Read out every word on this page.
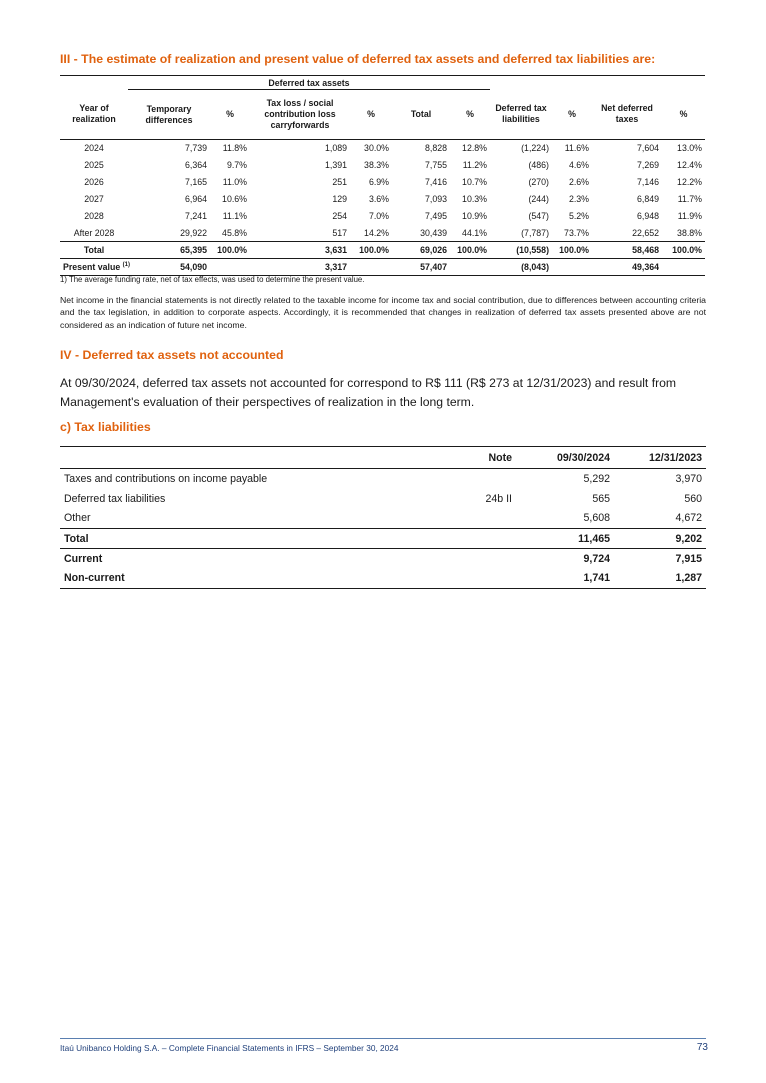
III - The estimate of realization and present value of deferred tax assets and deferred tax liabilities are:
	Deferred tax assets									
Year of realization	Temporary differences	%	Tax loss / social contribution loss carryforwards	%	Total	%	Deferred tax liabilities	%	Net deferred taxes	%
2024	7,739	11.8%	1,089	30.0%	8,828	12.8%	(1,224)	11.6%	7,604	13.0%
2025	6,364	9.7%	1,391	38.3%	7,755	11.2%	(486)	4.6%	7,269	12.4%
2026	7,165	11.0%	251	6.9%	7,416	10.7%	(270)	2.6%	7,146	12.2%
2027	6,964	10.6%	129	3.6%	7,093	10.3%	(244)	2.3%	6,849	11.7%
2028	7,241	11.1%	254	7.0%	7,495	10.9%	(547)	5.2%	6,948	11.9%
After 2028	29,922	45.8%	517	14.2%	30,439	44.1%	(7,787)	73.7%	22,652	38.8%
Total	65,395	100.0%	3,631	100.0%	69,026	100.0%	(10,558)	100.0%	58,468	100.0%
Present value $^{(1)}$	54,090		3,317		57,407		(8,043)		49,364	
1) The average funding rate, net of tax effects, was used to determine the present value.
Net income in the financial statements is not directly related to the taxable income for income tax and social contribution, due to differences between accounting criteria and the tax legislation, in addition to corporate aspects. Accordingly, it is recommended that changes in realization of deferred tax assets presented above are not considered as an indication of future net income.
IV - Deferred tax assets not accounted
At 09/30/2024, deferred tax assets not accounted for correspond to R$ 111 (R$ 273 at 12/31/2023) and result from Management's evaluation of their perspectives of realization in the long term.
c) Tax liabilities
	Note	09/30/2024	12/31/2023
Taxes and contributions on income payable		5,292	3,970
Deferred tax liabilities	24b II	565	560
Other		5,608	4,672
Total		11,465	9,202
Current		9,724	7,915
Non-current		1,741	1,287
Itaú Unibanco Holding S.A. – Complete Financial Statements in IFRS – September 30, 2024	73
